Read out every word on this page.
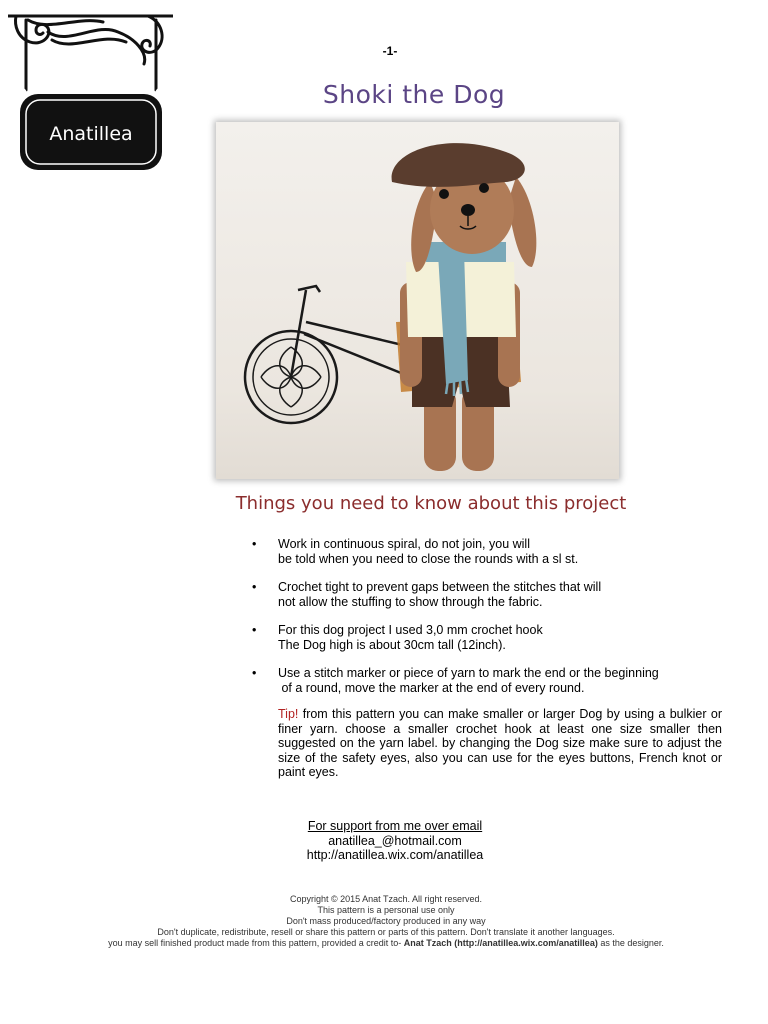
Anatillea
-1-
Shoki the Dog
Things you need to know about this project
• Work in continuous spiral, do not join, you will
be told when you need to close the rounds with a sl st.
• Crochet tight to prevent gaps between the stitches that will
not allow the stuffing to show through the fabric.
• For this dog project I used 3,0 mm crochet hook
The Dog high is about 30cm tall (12inch).
• Use a stitch marker or piece of yarn to mark the end or the beginning
of a round, move the marker at the end of every round.
Tip! from this pattern you can make smaller or larger Dog by using a bulkier or finer yarn. choose a smaller crochet hook at least one size smaller then suggested on the yarn label. by changing the Dog size make sure to adjust the size of the safety eyes, also you can use for the eyes buttons, French knot or paint eyes.
For support from me over email
anatillea_@hotmail.com
http://anatillea.wix.com/anatillea
Copyright © 2015 Anat Tzach. All right reserved.
This pattern is a personal use only
Don't mass produced/factory produced in any way
Don't duplicate, redistribute, resell or share this pattern or parts of this pattern. Don't translate it another languages.
you may sell finished product made from this pattern, provided a credit to- Anat Tzach (http://anatillea.wix.com/anatillea) as the designer.
